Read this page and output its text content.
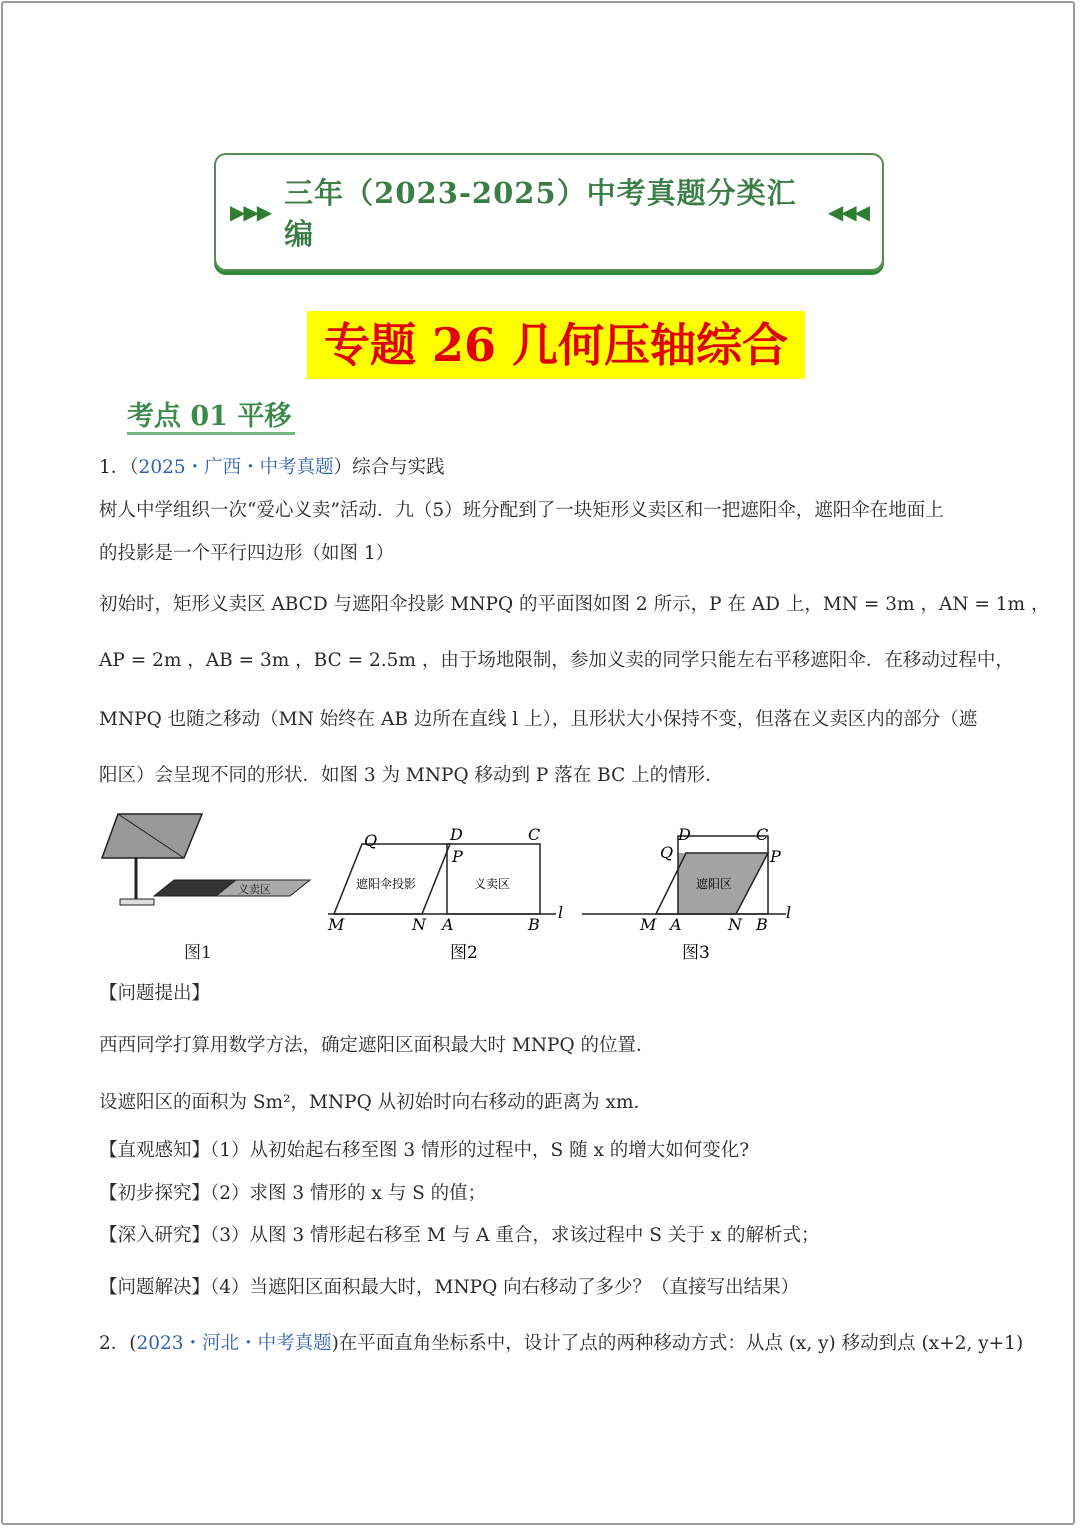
▶▶▶
三年（2023-2025）中考真题分类汇编
◀◀◀
专题 26 几何压轴综合
考点 01 平移
1．（2025・广西・中考真题）综合与实践
树人中学组织一次“爱心义卖”活动．九（5）班分配到了一块矩形义卖区和一把遮阳伞，遮阳伞在地面上
的投影是一个平行四边形（如图 1）
初始时，矩形义卖区 ABCD 与遮阳伞投影 MNPQ 的平面图如图 2 所示，P 在 AD 上，MN = 3m ，AN = 1m ，
AP = 2m ，AB = 3m ，BC = 2.5m ，由于场地限制，参加义卖的同学只能左右平移遮阳伞．在移动过程中，
MNPQ 也随之移动（MN 始终在 AB 边所在直线 l 上），且形状大小保持不变，但落在义卖区内的部分（遮
阳区）会呈现不同的形状．如图 3 为 MNPQ 移动到 P 落在 BC 上的情形．
义卖区
图1
遮阳伞投影	义卖区
Q	D	C
P
M	N A	B
l
图2
遮阳区
D	C
Q	P
M A	N B
l
图3
【问题提出】
西西同学打算用数学方法，确定遮阳区面积最大时 MNPQ 的位置．
设遮阳区的面积为 Sm²，MNPQ 从初始时向右移动的距离为 xm．
【直观感知】（1）从初始起右移至图 3 情形的过程中，S 随 x 的增大如何变化?
【初步探究】（2）求图 3 情形的 x 与 S 的值；
【深入研究】（3）从图 3 情形起右移至 M 与 A 重合，求该过程中 S 关于 x 的解析式；
【问题解决】（4）当遮阳区面积最大时，MNPQ 向右移动了多少？（直接写出结果）
2．(2023・河北・中考真题)在平面直角坐标系中，设计了点的两种移动方式：从点 (x, y) 移动到点 (x+2, y+1)
